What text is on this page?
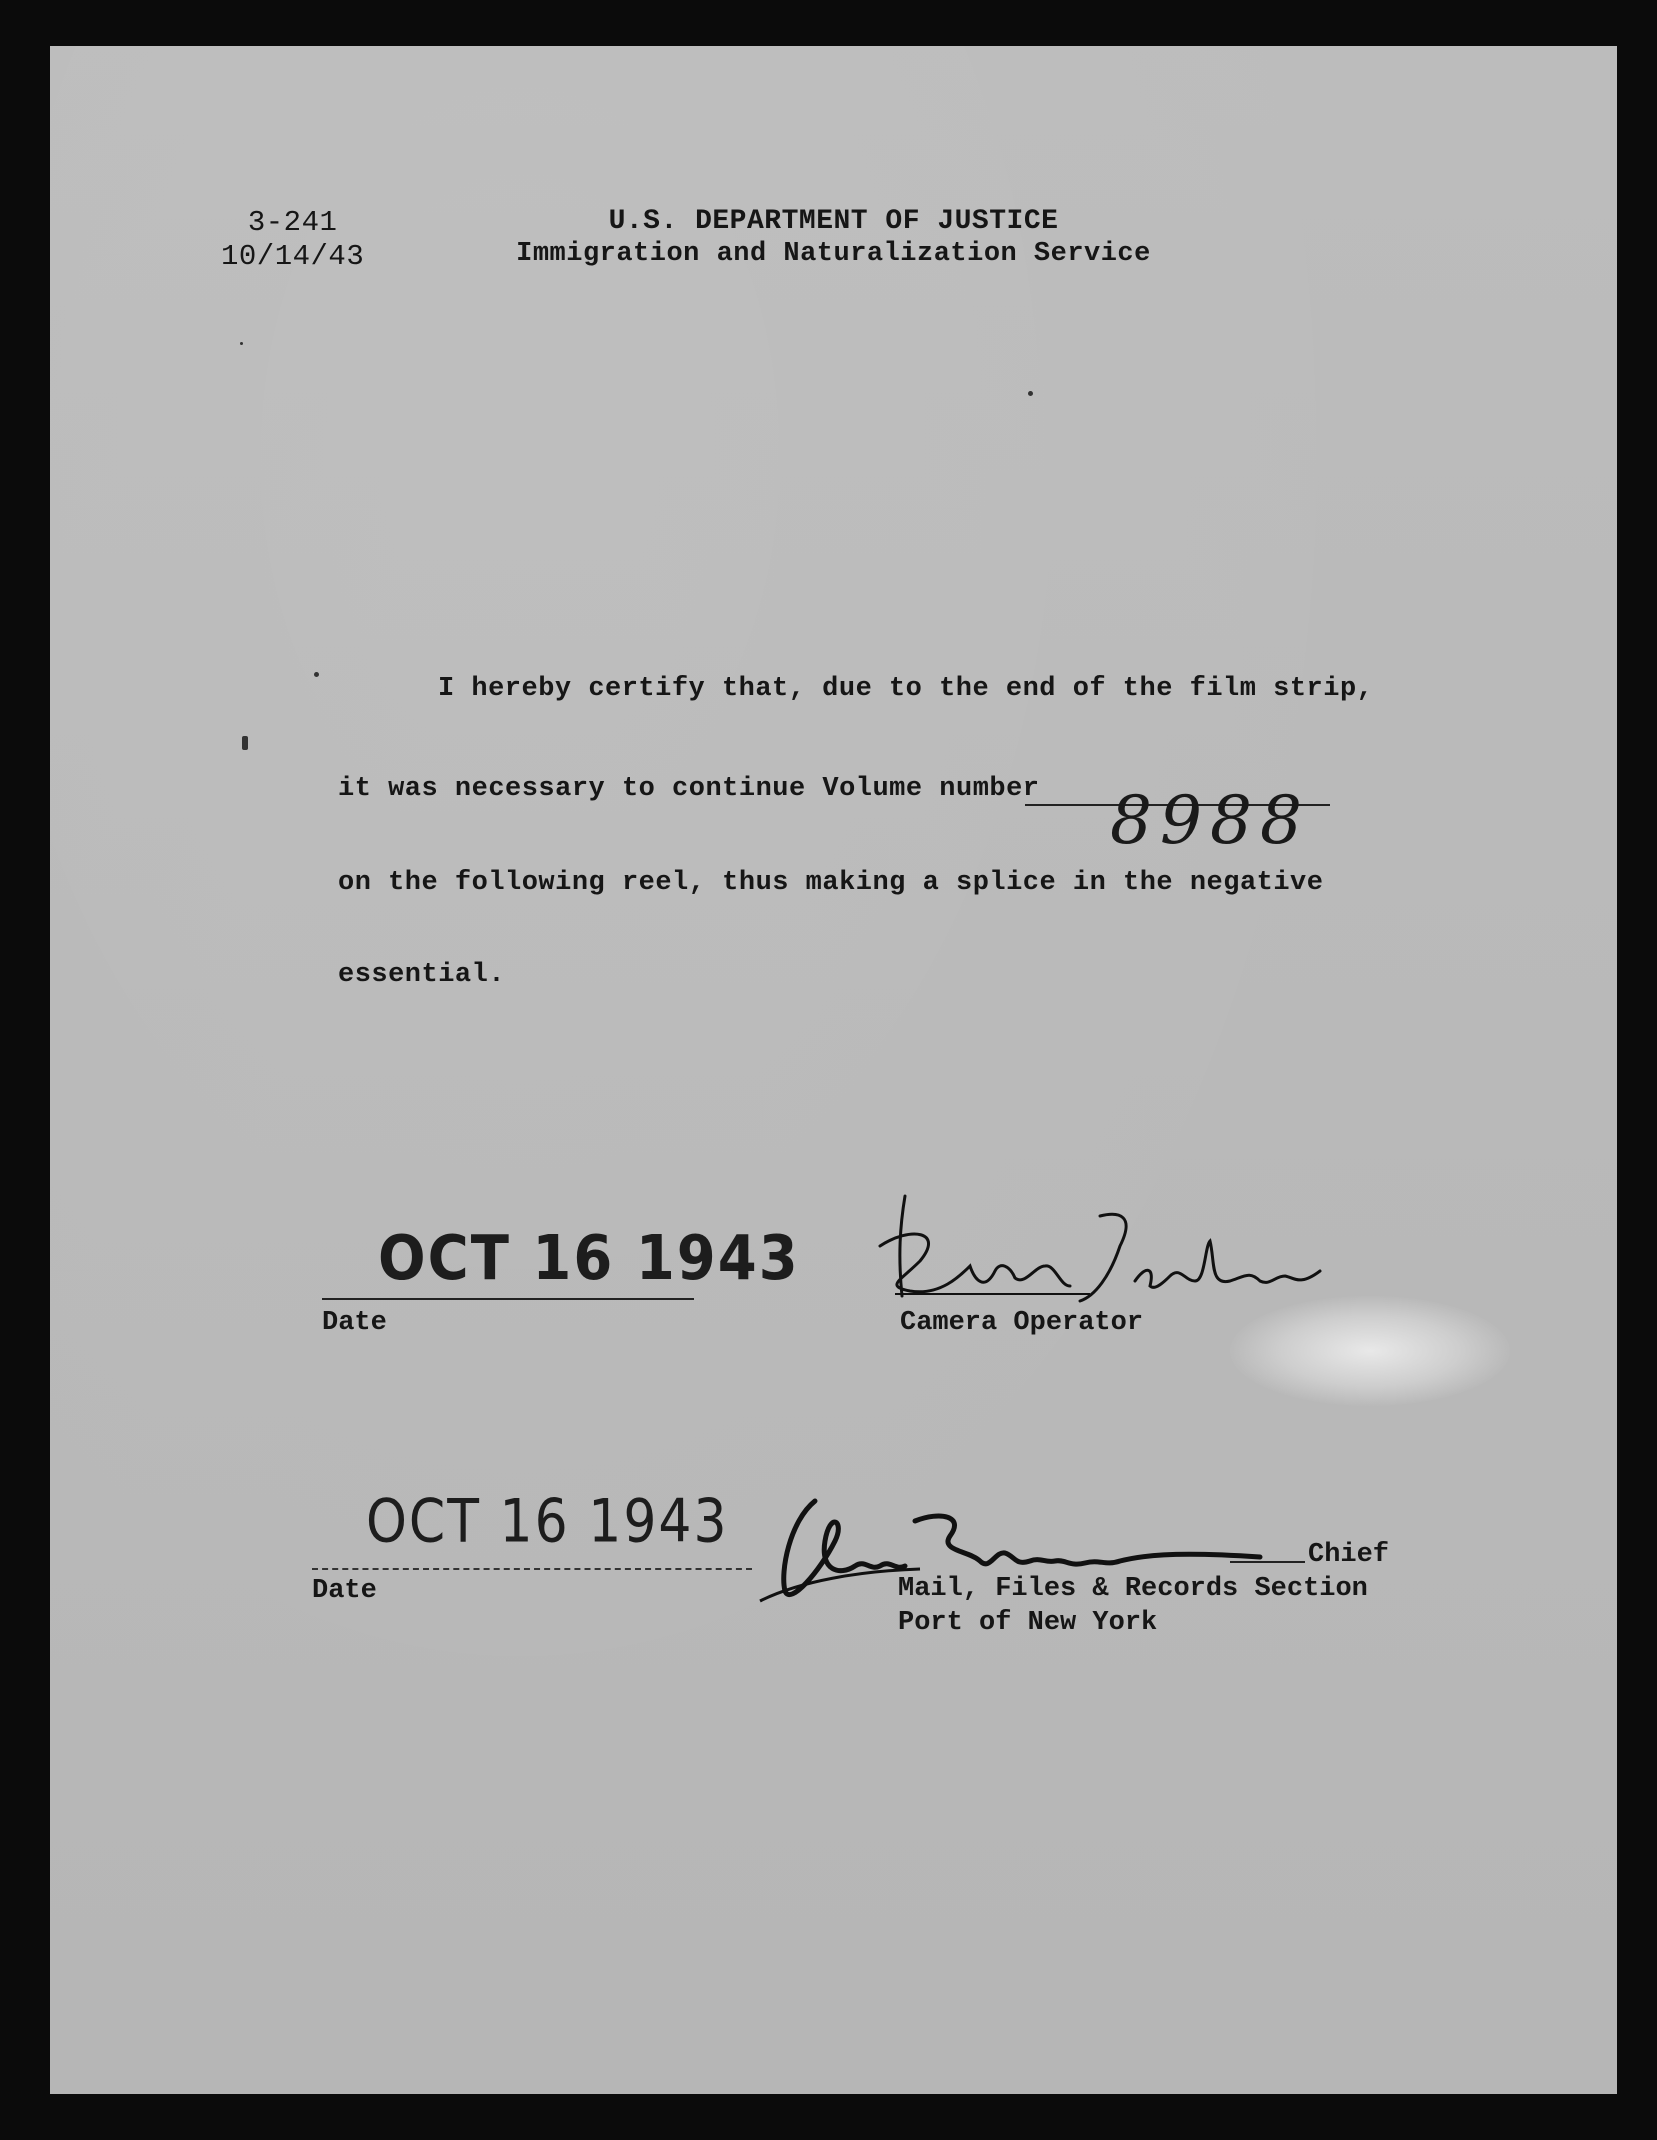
3-241
10/14/43
U.S. DEPARTMENT OF JUSTICE
Immigration and Naturalization Service
I hereby certify that, due to the end of the film strip,
it was necessary to continue Volume number 8988
on the following reel, thus making a splice in the negative
essential.
OCT 16 1943
Date	Camera Operator
OCT 16 1943
Date
Chief
Mail, Files & Records Section
Port of New York
